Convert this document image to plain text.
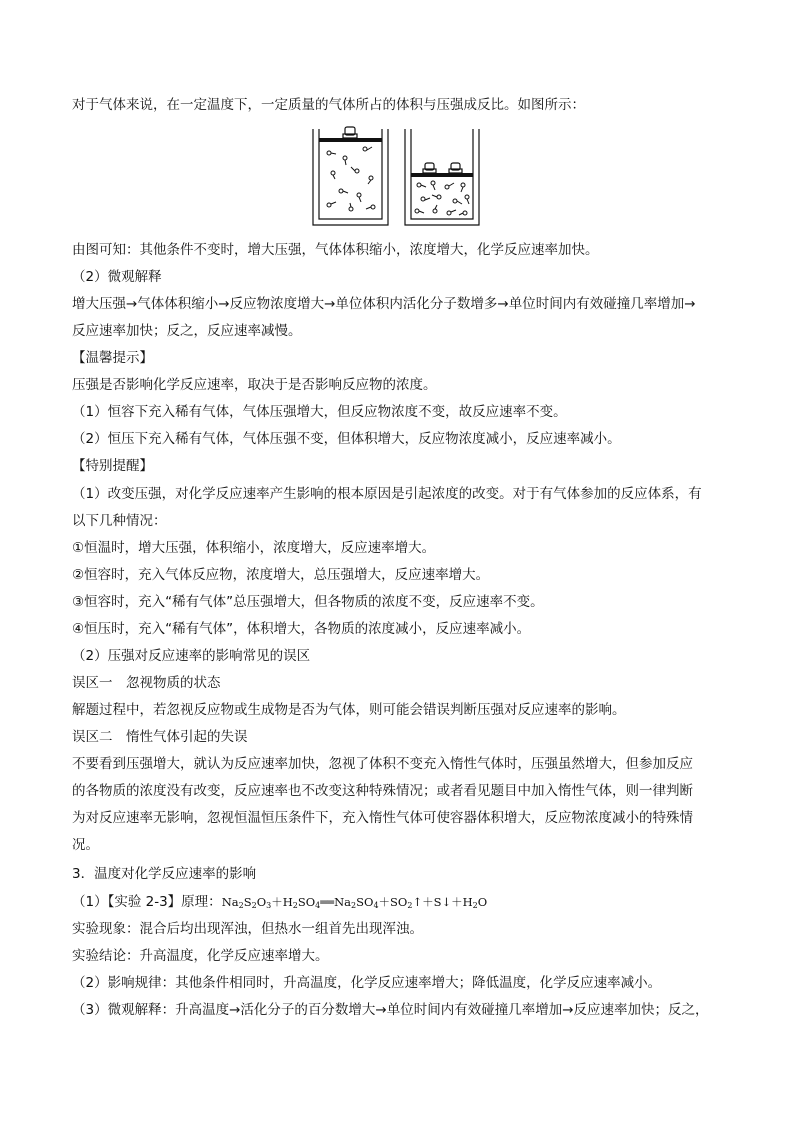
对于气体来说，在一定温度下，一定质量的气体所占的体积与压强成反比。如图所示：
由图可知：其他条件不变时，增大压强，气体体积缩小，浓度增大，化学反应速率加快。
（2）微观解释
增大压强→气体体积缩小→反应物浓度增大→单位体积内活化分子数增多→单位时间内有效碰撞几率增加→
反应速率加快；反之，反应速率减慢。
【温馨提示】
压强是否影响化学反应速率，取决于是否影响反应物的浓度。
（1）恒容下充入稀有气体，气体压强增大，但反应物浓度不变，故反应速率不变。
（2）恒压下充入稀有气体，气体压强不变，但体积增大，反应物浓度减小，反应速率减小。
【特别提醒】
（1）改变压强，对化学反应速率产生影响的根本原因是引起浓度的改变。对于有气体参加的反应体系，有
以下几种情况：
①恒温时，增大压强，体积缩小，浓度增大，反应速率增大。
②恒容时，充入气体反应物，浓度增大，总压强增大，反应速率增大。
③恒容时，充入“稀有气体”总压强增大，但各物质的浓度不变，反应速率不变。
④恒压时，充入“稀有气体”，体积增大，各物质的浓度减小，反应速率减小。
（2）压强对反应速率的影响常见的误区
误区一　忽视物质的状态
解题过程中，若忽视反应物或生成物是否为气体，则可能会错误判断压强对反应速率的影响。
误区二　惰性气体引起的失误
不要看到压强增大，就认为反应速率加快，忽视了体积不变充入惰性气体时，压强虽然增大，但参加反应
的各物质的浓度没有改变，反应速率也不改变这种特殊情况；或者看见题目中加入惰性气体，则一律判断
为对反应速率无影响，忽视恒温恒压条件下，充入惰性气体可使容器体积增大，反应物浓度减小的特殊情
况。
3．温度对化学反应速率的影响
（1）【实验 2-3】原理：$Na_2S_2O_3+H_2SO_4══Na_2SO_4+SO_2↑+S↓+H_2O$
实验现象：混合后均出现浑浊，但热水一组首先出现浑浊。
实验结论：升高温度，化学反应速率增大。
（2）影响规律：其他条件相同时，升高温度，化学反应速率增大；降低温度，化学反应速率减小。
（3）微观解释：升高温度→活化分子的百分数增大→单位时间内有效碰撞几率增加→反应速率加快；反之，
